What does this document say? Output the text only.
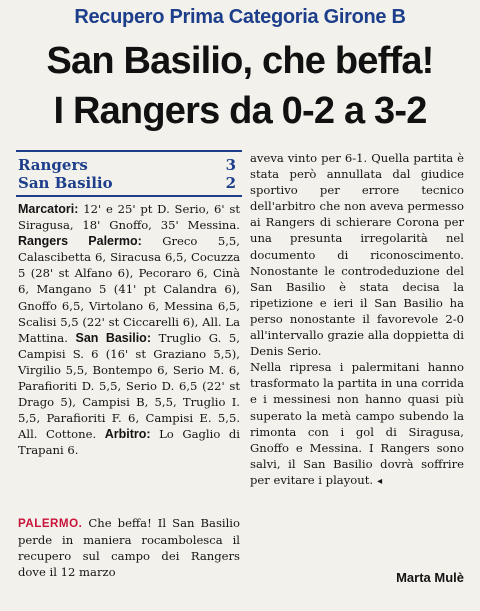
Recupero Prima Categoria Girone B
San Basilio, che beffa!
I Rangers da 0-2 a 3-2
Rangers	3
San Basilio	2

Marcatori: 12' e 25' pt D. Serio, 6' st Siragusa, 18' Gnoffo, 35' Messina. Rangers Palermo: Greco 5,5, Calascibetta 6, Siracusa 6,5, Cocuzza 5 (28' st Alfano 6), Pecoraro 6, Cinà 6, Mangano 5 (41' pt Calandra 6), Gnoffo 6,5, Virtolano 6, Messina 6,5, Scalisi 5,5 (22' st Ciccarelli 6), All. La Mattina. San Basilio: Truglio G. 5, Campisi S. 6 (16' st Graziano 5,5), Virgilio 5,5, Bontempo 6, Serio M. 6, Parafioriti D. 5,5, Serio D. 6,5 (22' st Drago 5), Campisi B, 5,5, Truglio I. 5,5, Parafioriti F. 6, Campisi E. 5,5. All. Cottone. Arbitro: Lo Gaglio di Trapani 6.

PALERMO. Che beffa! Il San Basilio perde in maniera rocambolesca il recupero sul campo dei Rangers dove il 12 marzo

aveva vinto per 6-1. Quella partita è stata però annullata dal giudice sportivo per errore tecnico dell'arbitro che non aveva permesso ai Rangers di schierare Corona per una presunta irregolarità nel documento di riconoscimento. Nonostante le controdeduzione del San Basilio è stata decisa la ripetizione e ieri il San Basilio ha perso nonostante il favorevole 2-0 all'intervallo grazie alla doppietta di Denis Serio.

Nella ripresa i palermitani hanno trasformato la partita in una corrida e i messinesi non hanno quasi più superato la metà campo subendo la rimonta con i gol di Siragusa, Gnoffo e Messina. I Rangers sono salvi, il San Basilio dovrà soffrire per evitare i playout. ◂

Marta Mulè
